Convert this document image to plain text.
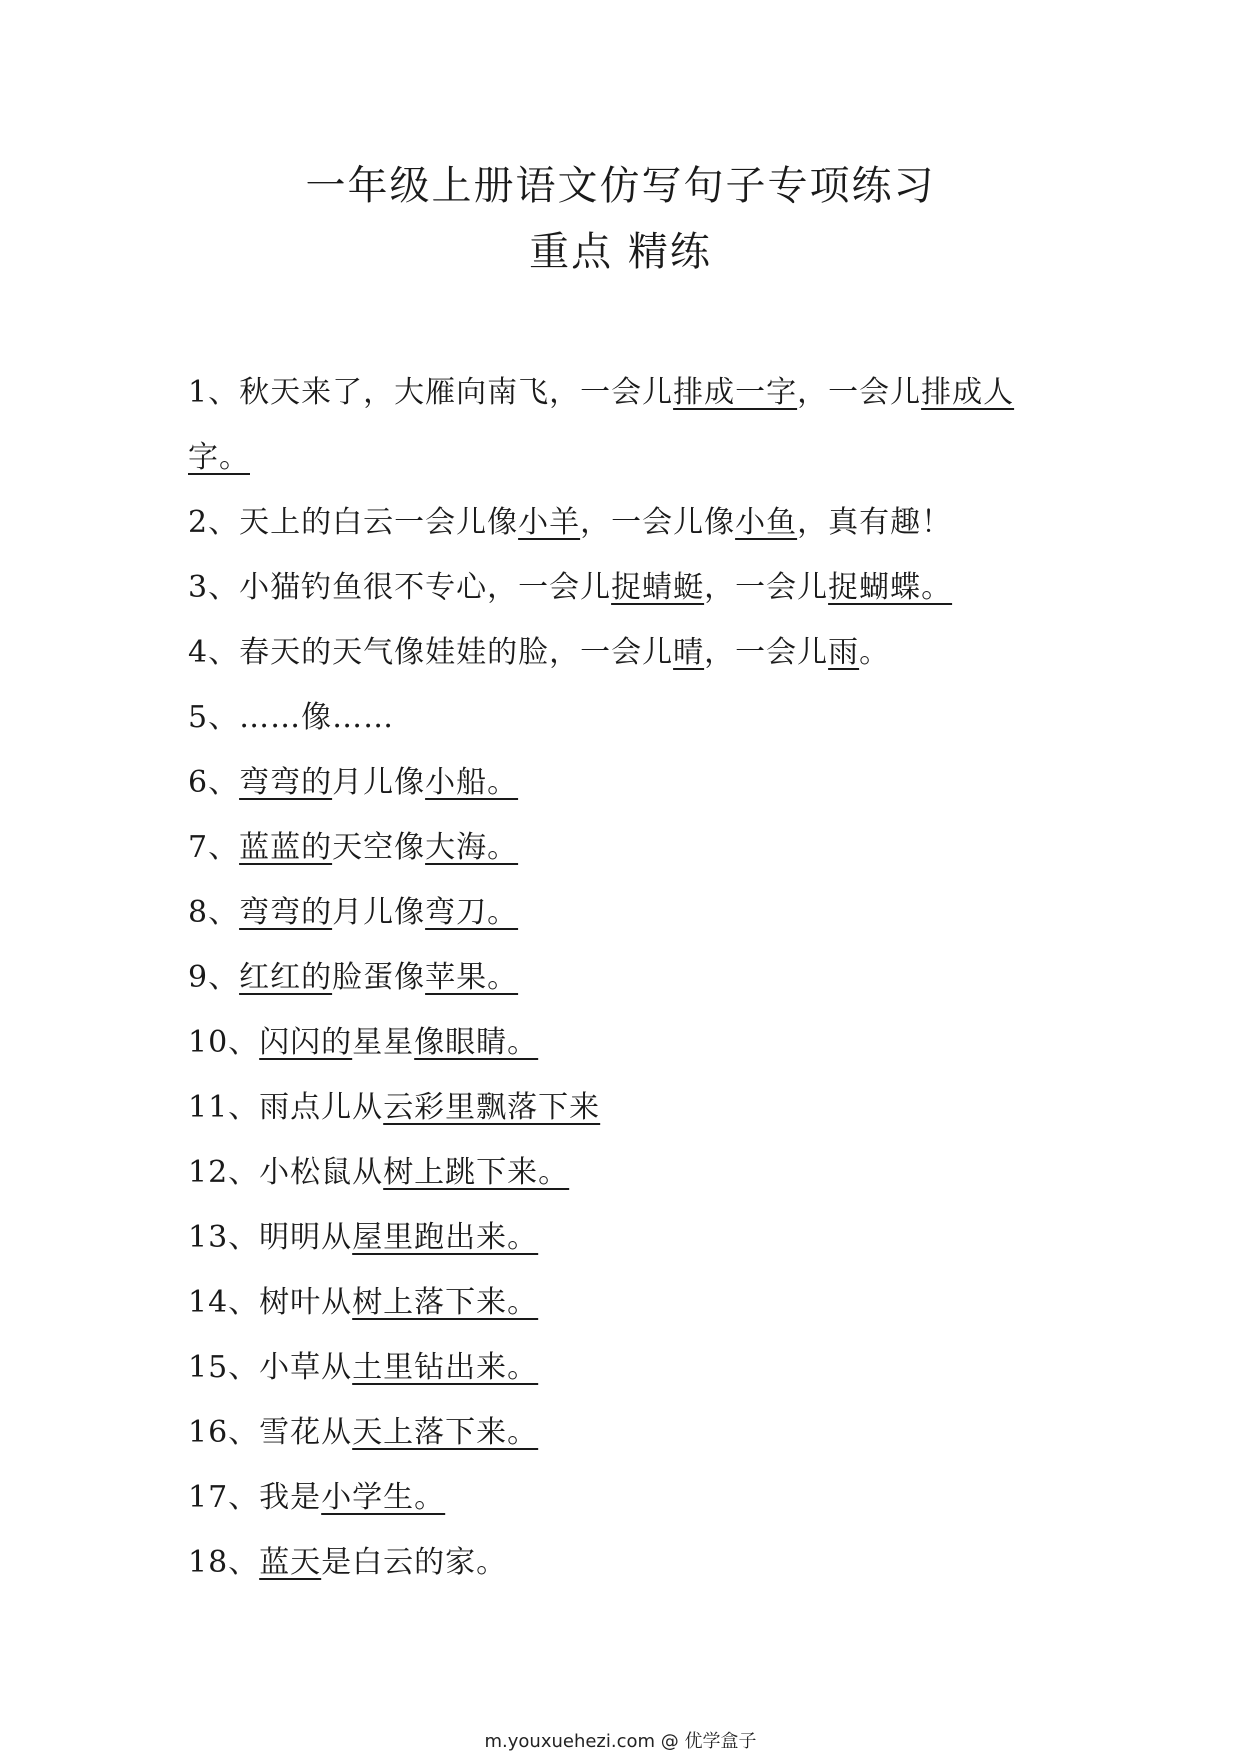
一年级上册语文仿写句子专项练习
重点 精练
1、秋天来了，大雁向南飞，一会儿排成一字，一会儿排成人字。
2、天上的白云一会儿像小羊，一会儿像小鱼，真有趣！
3、小猫钓鱼很不专心，一会儿捉蜻蜓，一会儿捉蝴蝶。
4、春天的天气像娃娃的脸，一会儿晴，一会儿雨。
5、……像……
6、弯弯的月儿像小船。
7、蓝蓝的天空像大海。
8、弯弯的月儿像弯刀。
9、红红的脸蛋像苹果。
10、闪闪的星星像眼睛。
11、雨点儿从云彩里飘落下来
12、小松鼠从树上跳下来。
13、明明从屋里跑出来。
14、树叶从树上落下来。
15、小草从土里钻出来。
16、雪花从天上落下来。
17、我是小学生。
18、蓝天是白云的家。
m.youxuehezi.com @ 优学盒子
